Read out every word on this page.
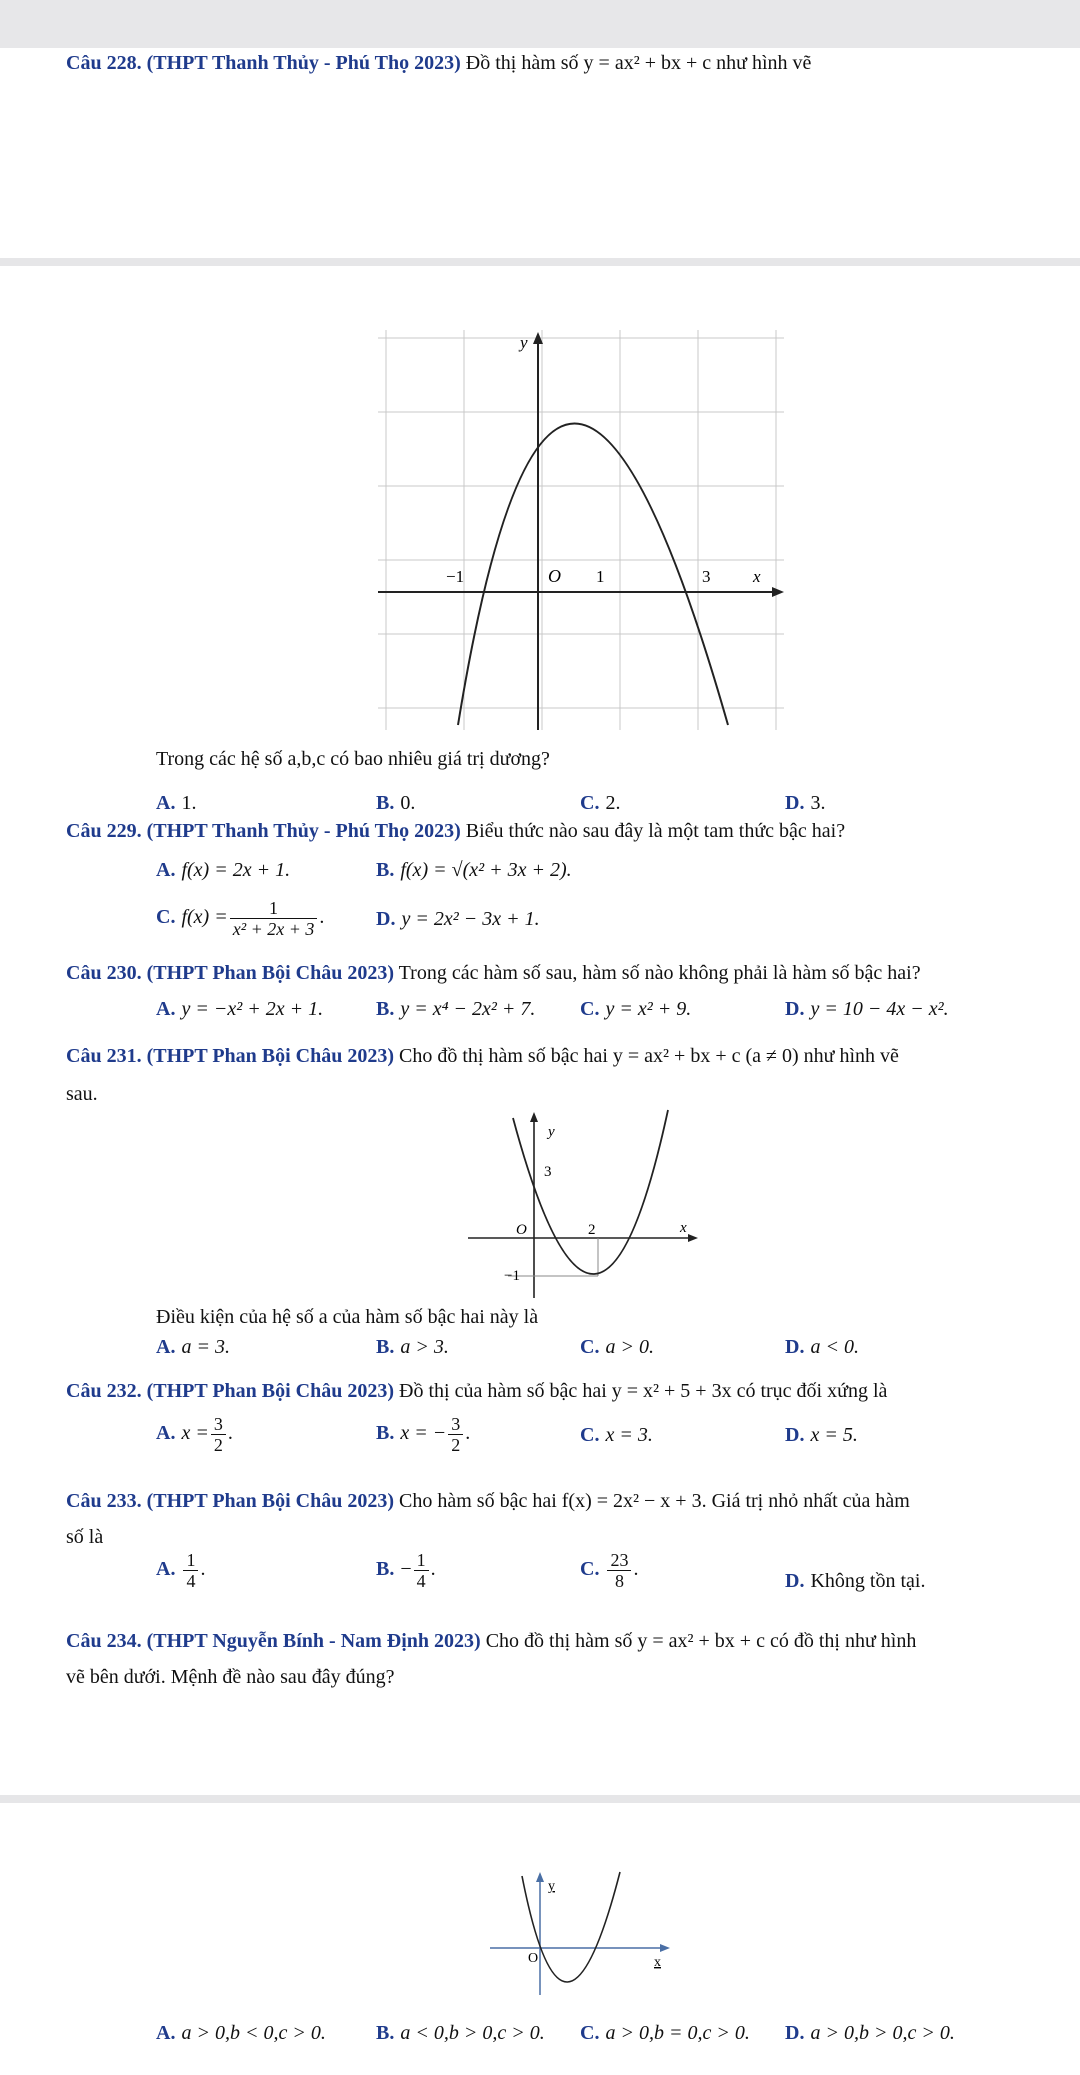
Câu 228. (THPT Thanh Thủy - Phú Thọ 2023) Đồ thị hàm số y = ax² + bx + c như hình vẽ
y
x
−1	O 1	3
Trong các hệ số a,b,c có bao nhiêu giá trị dương?
A. 1.	B. 0.	C. 2.	D. 3.
Câu 229. (THPT Thanh Thủy - Phú Thọ 2023) Biểu thức nào sau đây là một tam thức bậc hai?
A. f(x) = 2x + 1.	B. f(x) = √(x² + 3x + 2).
C. $f(x) = \frac{1}{\text{x² + 2x + 3}}$ .	D. y = 2x² − 3x + 1.
Câu 230. (THPT Phan Bội Châu 2023) Trong các hàm số sau, hàm số nào không phải là hàm số bậc hai?
A. y = −x² + 2x + 1.	B. y = x⁴ − 2x² + 7. C. y = x² + 9.	D. y = 10 − 4x − x².
Câu 231. (THPT Phan Bội Châu 2023) Cho đồ thị hàm số bậc hai y = ax² + bx + c (a ≠ 0) như hình vẽ
sau.
y
3
O	2	x
−1
Điều kiện của hệ số a của hàm số bậc hai này là
A. a = 3.	B. a > 3.	C. a > 0.	D. a < 0.
Câu 232. (THPT Phan Bội Châu 2023) Đồ thị của hàm số bậc hai y = x² + 5 + 3x có trục đối xứng là
A. $x = \frac{3}{2}$ .	B. x = − $\frac{3}{2}$ .	C. x = 3.	D. x = 5.
Câu 233. (THPT Phan Bội Châu 2023) Cho hàm số bậc hai f(x) = 2x² − x + 3. Giá trị nhỏ nhất của hàm
số là
A. $\frac{1}{4}$ .	B. − $\frac{1}{4}$ .	C. $\frac{23}{8}$ .
D. Không tồn tại.
Câu 234. (THPT Nguyễn Bính - Nam Định 2023) Cho đồ thị hàm số y = ax² + bx + c có đồ thị như hình
vẽ bên dưới. Mệnh đề nào sau đây đúng?
y
O	x
A. a > 0,b < 0,c > 0.	B. a < 0,b > 0,c > 0. C. a > 0,b = 0,c > 0. D. a > 0,b > 0,c > 0.
